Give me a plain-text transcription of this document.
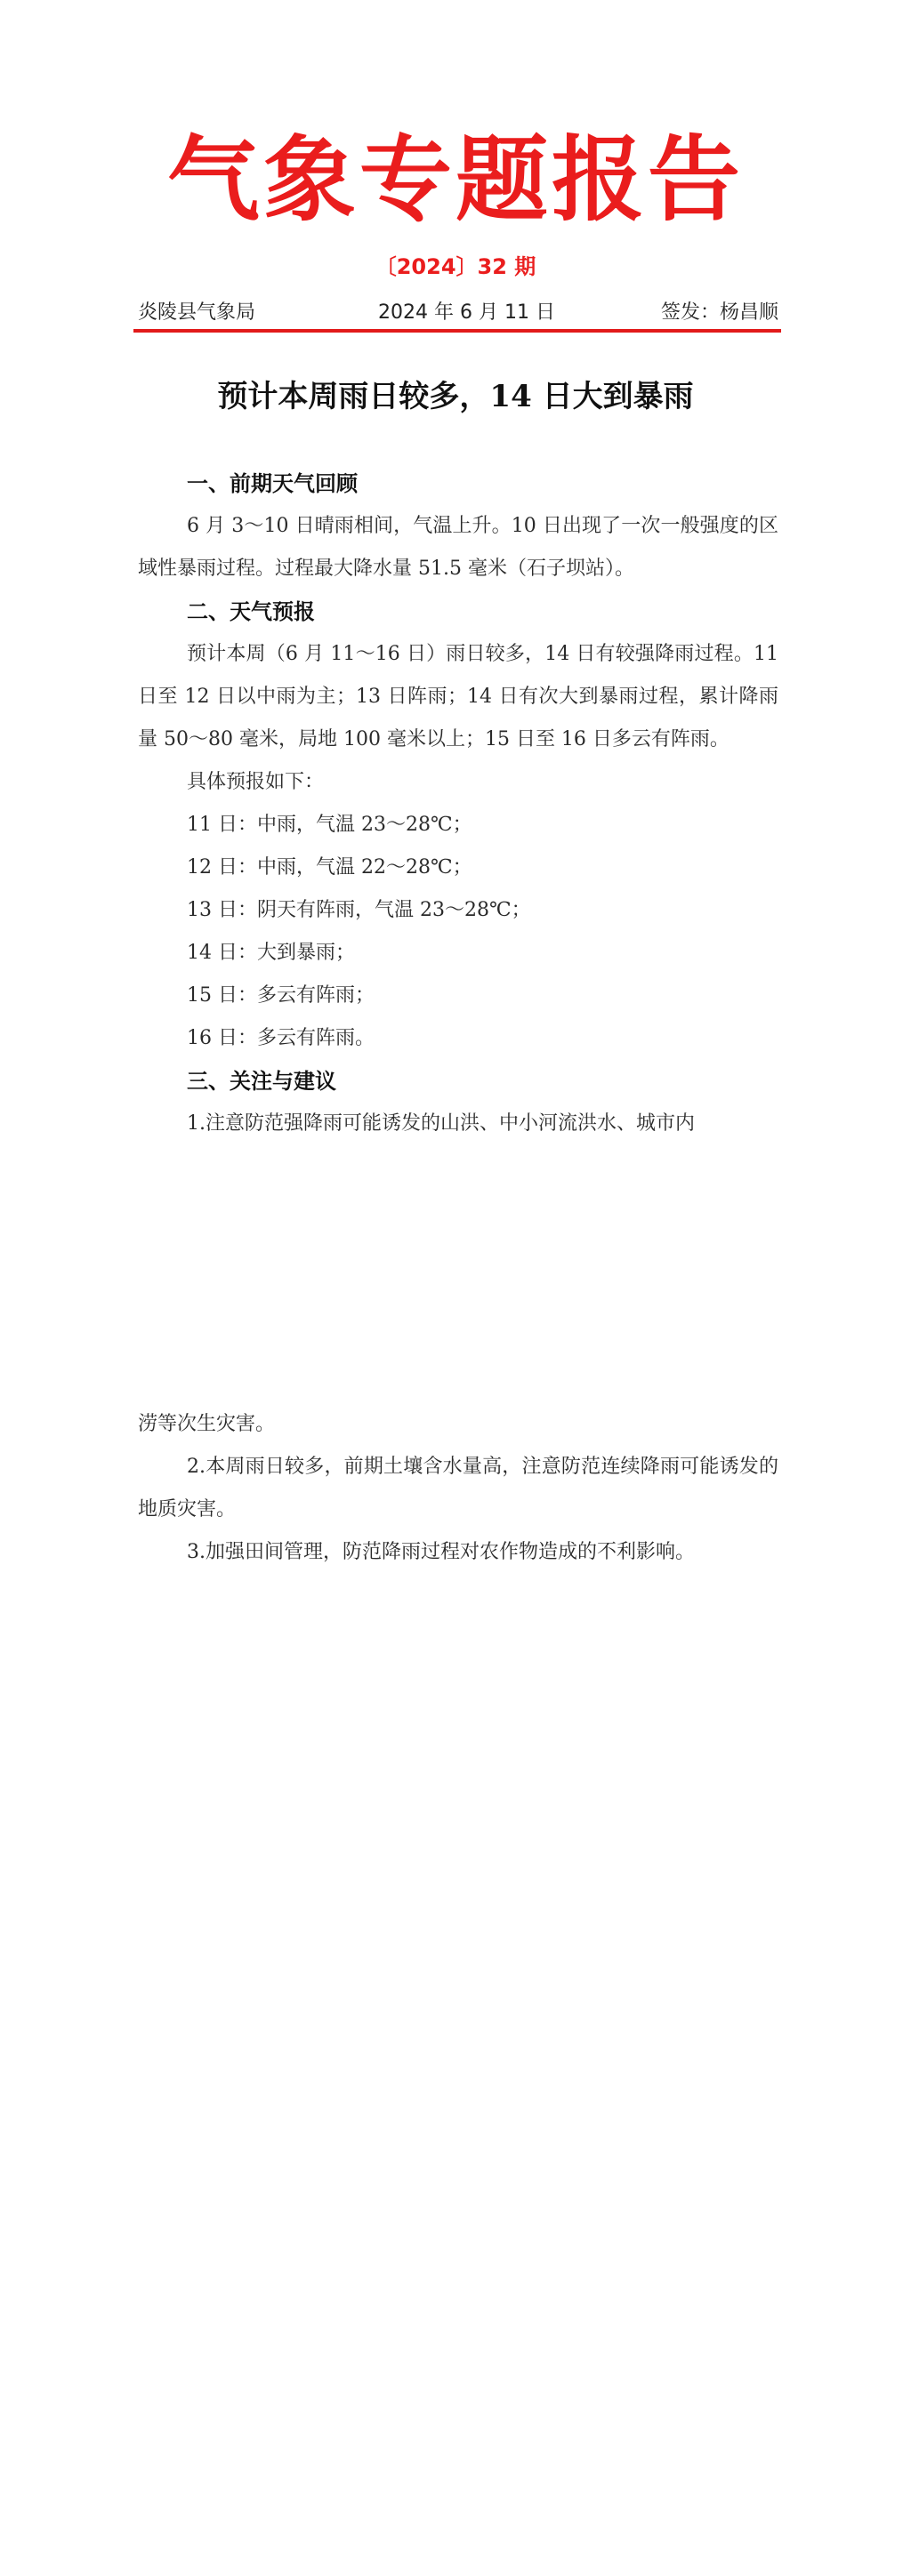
气象专题报告
〔2024〕32 期
炎陵县气象局	2024 年 6 月 11 日	签发：杨昌顺
预计本周雨日较多，14 日大到暴雨
一、前期天气回顾

6 月 3～10 日晴雨相间，气温上升。10 日出现了一次一般强度的区域性暴雨过程。过程最大降水量 51.5 毫米（石子坝站）。

二、天气预报

预计本周（6 月 11～16 日）雨日较多，14 日有较强降雨过程。11 日至 12 日以中雨为主；13 日阵雨；14 日有次大到暴雨过程，累计降雨量 50～80 毫米，局地 100 毫米以上；15 日至 16 日多云有阵雨。

具体预报如下：

11 日：中雨，气温 23～28℃；

12 日：中雨，气温 22～28℃；

13 日：阴天有阵雨，气温 23～28℃；

14 日：大到暴雨；

15 日：多云有阵雨；

16 日：多云有阵雨。

三、关注与建议

1.注意防范强降雨可能诱发的山洪、中小河流洪水、城市内

涝等次生灾害。

2.本周雨日较多，前期土壤含水量高，注意防范连续降雨可能诱发的地质灾害。

3.加强田间管理，防范降雨过程对农作物造成的不利影响。
